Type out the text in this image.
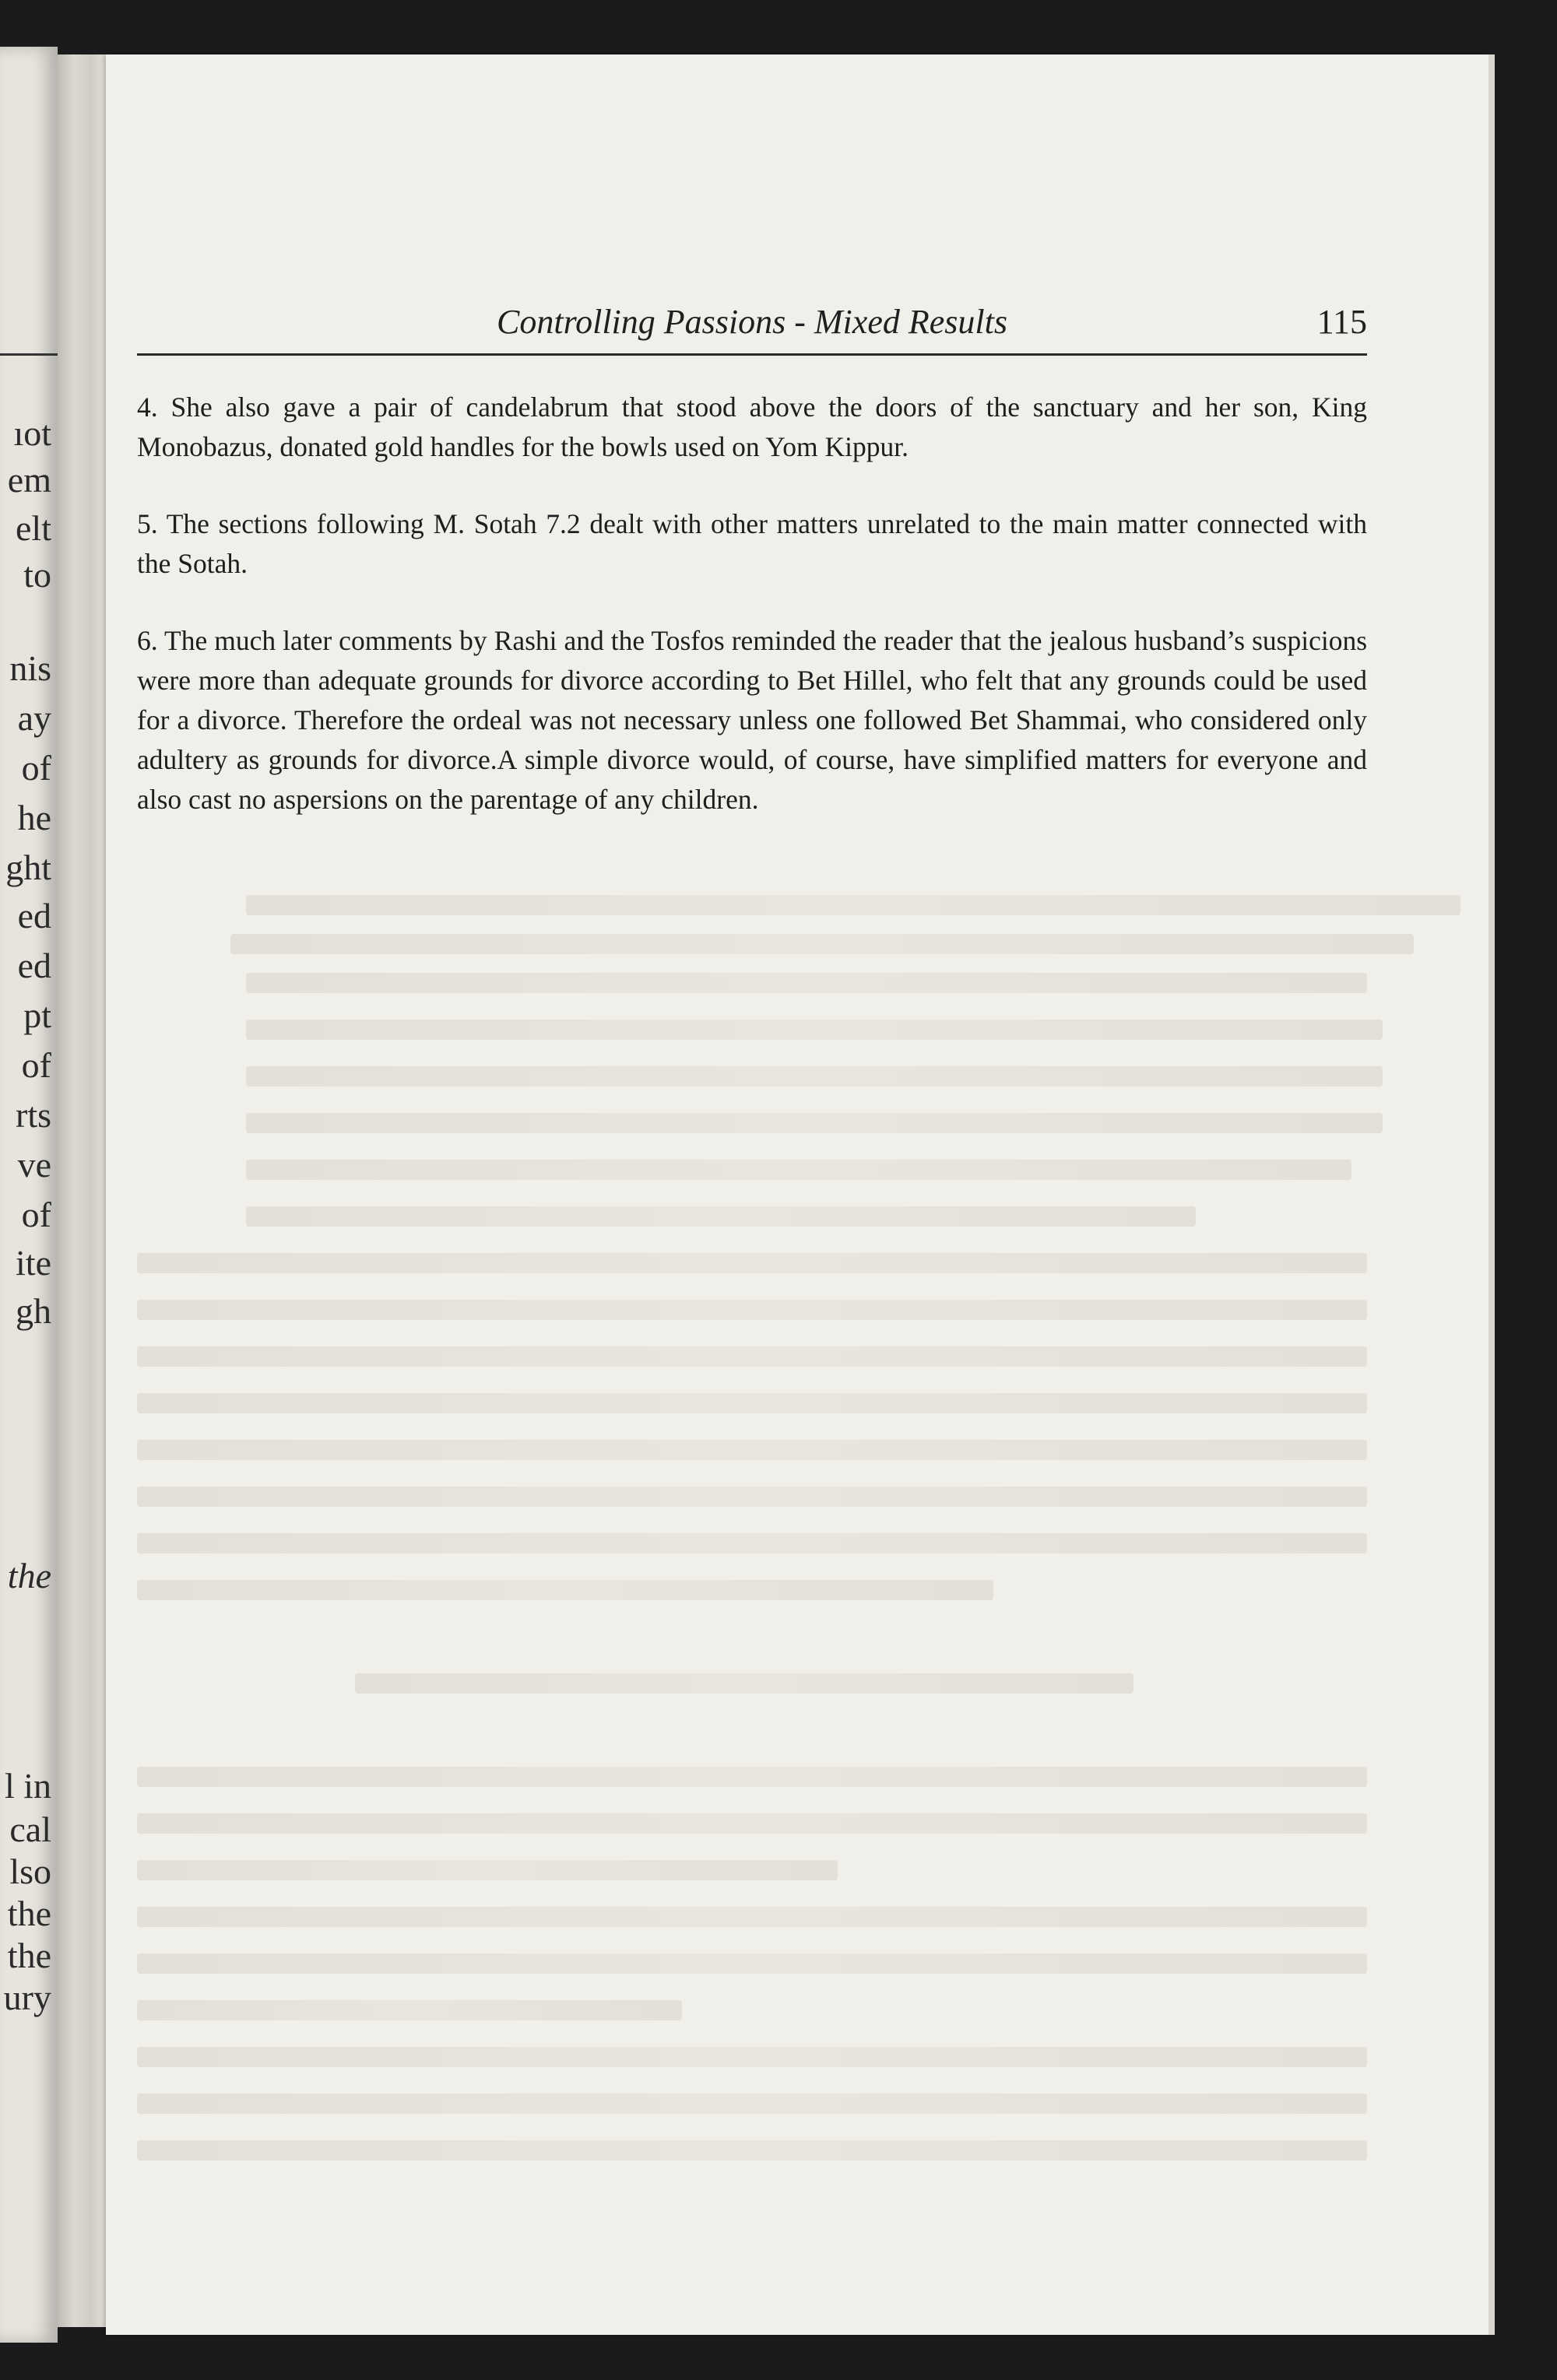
ıot
em
elt
to
nis
ay
of
he
ght
ed
ed
pt
of
rts
ve
of
ite
gh
the
l in
cal
lso
the
the
ury
Controlling Passions - Mixed Results	115

4. She also gave a pair of candelabrum that stood above the doors of the sanctuary and her son, King Monobazus, donated gold handles for the bowls used on Yom Kippur.

5. The sections following M. Sotah 7.2 dealt with other matters unrelated to the main matter connected with the Sotah.

6. The much later comments by Rashi and the Tosfos reminded the reader that the jealous husband’s suspicions were more than adequate grounds for divorce according to Bet Hillel, who felt that any grounds could be used for a divorce. Therefore the ordeal was not necessary unless one followed Bet Shammai, who considered only adultery as grounds for divorce.A simple divorce would, of course, have simplified matters for everyone and also cast no aspersions on the parentage of any children.
